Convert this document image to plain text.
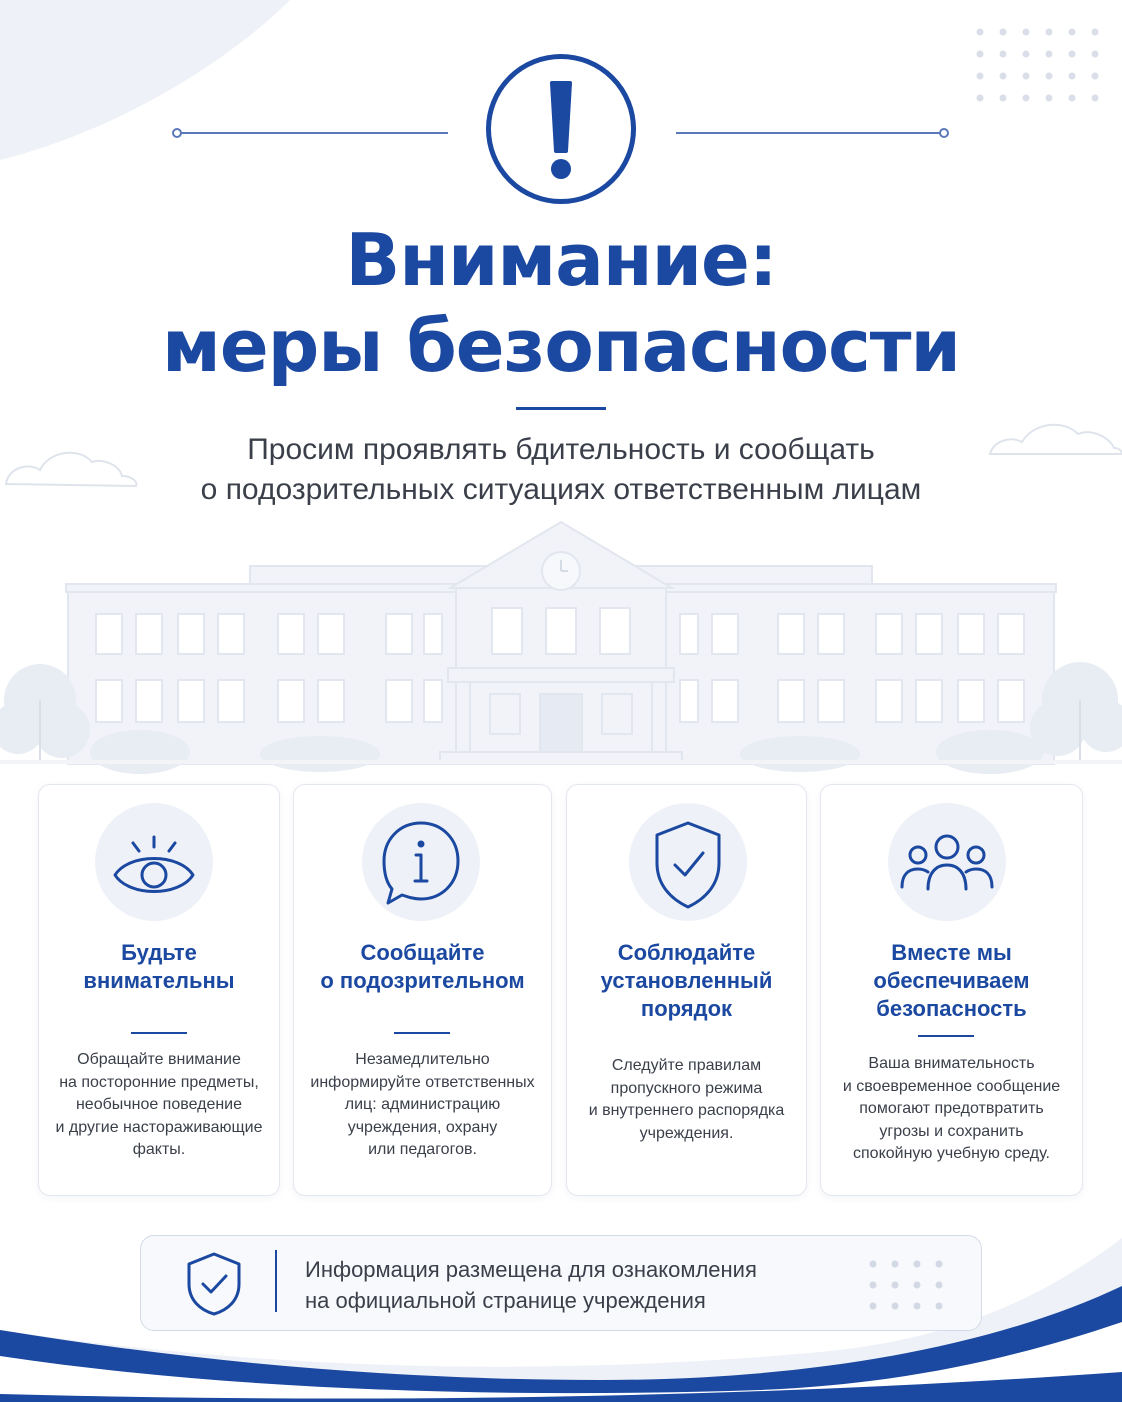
Внимание:
меры безопасности
Просим проявлять бдительность и сообщать
о подозрительных ситуациях ответственным лицам
Будьте
внимательны
Обращайте внимание
на посторонние предметы,
необычное поведение
и другие настораживающие
факты.
Сообщайте
о подозрительном
Незамедлительно
информируйте ответственных
лиц: администрацию
учреждения, охрану
или педагогов.
Соблюдайте
установленный
порядок
Следуйте правилам
пропускного режима
и внутреннего распорядка
учреждения.
Вместе мы
обеспечиваем
безопасность
Ваша внимательность
и своевременное сообщение
помогают предотвратить
угрозы и сохранить
спокойную учебную среду.
Информация размещена для ознакомления
на официальной странице учреждения
